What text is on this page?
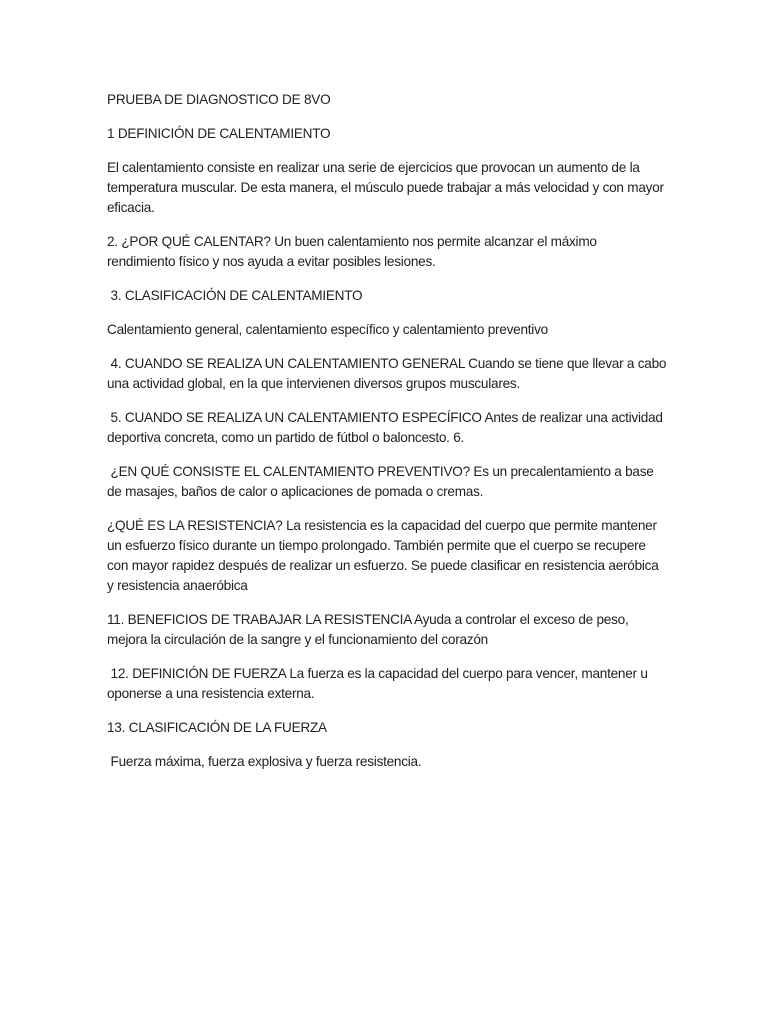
PRUEBA DE DIAGNOSTICO DE 8VO

1 DEFINICIÓN DE CALENTAMIENTO

El calentamiento consiste en realizar una serie de ejercicios que provocan un aumento de la temperatura muscular. De esta manera, el músculo puede trabajar a más velocidad y con mayor eficacia.

2. ¿POR QUÉ CALENTAR? Un buen calentamiento nos permite alcanzar el máximo rendimiento físico y nos ayuda a evitar posibles lesiones.

3. CLASIFICACIÓN DE CALENTAMIENTO

Calentamiento general, calentamiento específico y calentamiento preventivo

4. CUANDO SE REALIZA UN CALENTAMIENTO GENERAL Cuando se tiene que llevar a cabo una actividad global, en la que intervienen diversos grupos musculares.

5. CUANDO SE REALIZA UN CALENTAMIENTO ESPECÍFICO Antes de realizar una actividad deportiva concreta, como un partido de fútbol o baloncesto. 6.

¿EN QUÉ CONSISTE EL CALENTAMIENTO PREVENTIVO? Es un precalentamiento a base de masajes, baños de calor o aplicaciones de pomada o cremas.

¿QUÉ ES LA RESISTENCIA? La resistencia es la capacidad del cuerpo que permite mantener un esfuerzo físico durante un tiempo prolongado. También permite que el cuerpo se recupere con mayor rapidez después de realizar un esfuerzo. Se puede clasificar en resistencia aeróbica y resistencia anaeróbica

11. BENEFICIOS DE TRABAJAR LA RESISTENCIA Ayuda a controlar el exceso de peso, mejora la circulación de la sangre y el funcionamiento del corazón

12. DEFINICIÓN DE FUERZA La fuerza es la capacidad del cuerpo para vencer, mantener u oponerse a una resistencia externa.

13. CLASIFICACIÓN DE LA FUERZA

Fuerza máxima, fuerza explosiva y fuerza resistencia.
